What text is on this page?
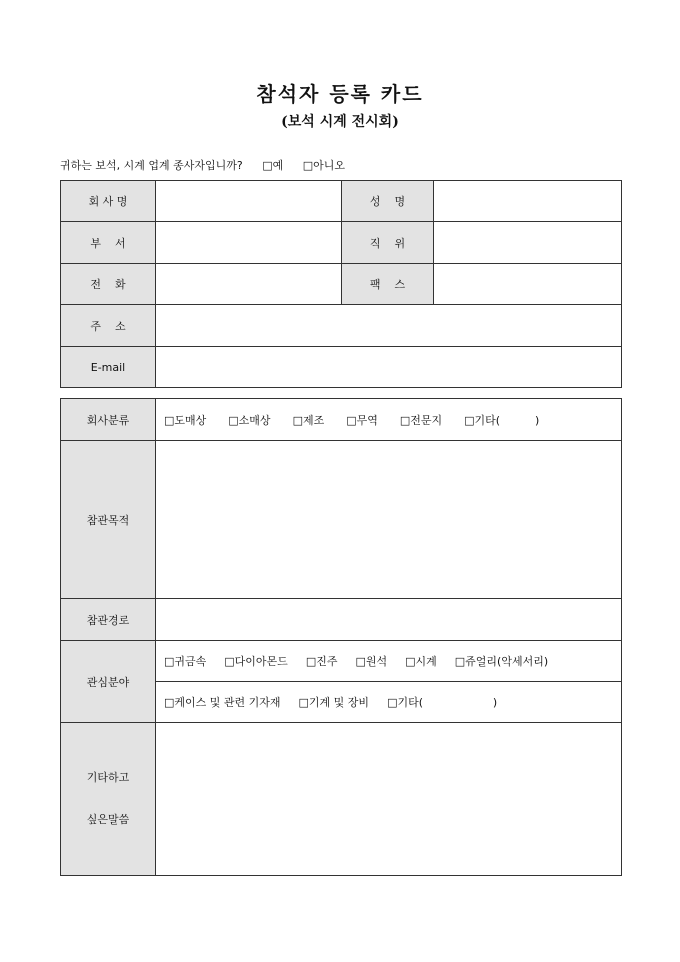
참석자 등록 카드
(보석 시계 전시회)
귀하는 보석, 시계 업계 종사자입니까? □예 □아니오
회 사 명		성    명	
부    서		직    위	
전    화		팩    스	
주    소			
E-mail			
회사분류	□도매상 □소매상 □제조 □무역 □전문지 □기타(          )
참관목적	
참관경로	
관심분야	□귀금속 □다이아몬드 □진주 □원석 □시계 □쥬얼리(악세서리)
	□케이스 및 관련 기자재 □기계 및 장비 □기타(                    )

기타하고
싶은말씀	
